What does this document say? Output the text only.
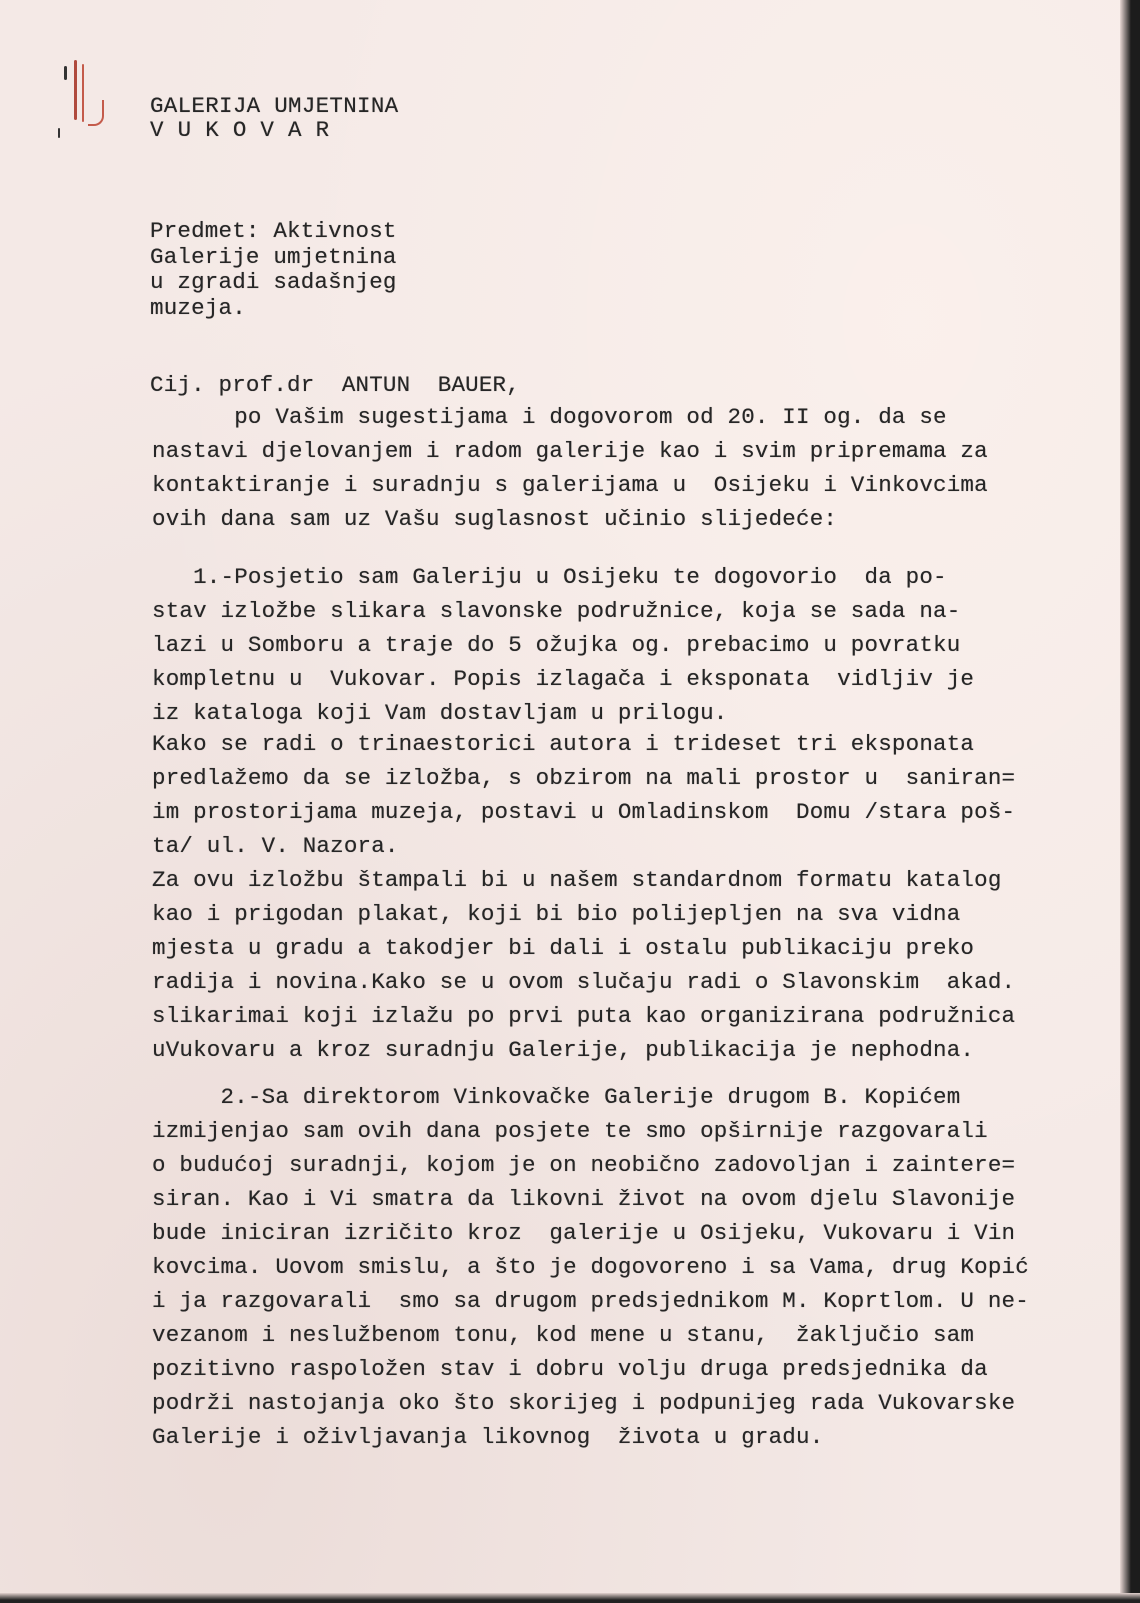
GALERIJA UMJETNINA
V U K O V A R
Predmet: Aktivnost
Galerije umjetnina
u zgradi sadašnjeg
muzeja.
Cij. prof.dr  ANTUN  BAUER,
po Vašim sugestijama i dogovorom od 20. II og. da se
nastavi djelovanjem i radom galerije kao i svim pripremama za
kontaktiranje i suradnju s galerijama u  Osijeku i Vinkovcima
ovih dana sam uz Vašu suglasnost učinio slijedeće:
1.-Posjetio sam Galeriju u Osijeku te dogovorio  da po-
stav izložbe slikara slavonske podružnice, koja se sada na-
lazi u Somboru a traje do 5 ožujka og. prebacimo u povratku
kompletnu u  Vukovar. Popis izlagača i eksponata  vidljiv je
iz kataloga koji Vam dostavljam u prilogu.
Kako se radi o trinaestorici autora i trideset tri eksponata
predlažemo da se izložba, s obzirom na mali prostor u  saniran=
im prostorijama muzeja, postavi u Omladinskom  Domu /stara poš-
ta/ ul. V. Nazora.
Za ovu izložbu štampali bi u našem standardnom formatu katalog
kao i prigodan plakat, koji bi bio polijepljen na sva vidna
mjesta u gradu a takodjer bi dali i ostalu publikaciju preko
radija i novina.Kako se u ovom slučaju radi o Slavonskim  akad.
slikarimai koji izlažu po prvi puta kao organizirana podružnica
uVukovaru a kroz suradnju Galerije, publikacija je nephodna.
2.-Sa direktorom Vinkovačke Galerije drugom B. Kopićem
izmijenjao sam ovih dana posjete te smo opširnije razgovarali
o budućoj suradnji, kojom je on neobično zadovoljan i zaintere=
siran. Kao i Vi smatra da likovni život na ovom djelu Slavonije
bude iniciran izričito kroz  galerije u Osijeku, Vukovaru i Vin
kovcima. Uovom smislu, a što je dogovoreno i sa Vama, drug Kopić
i ja razgovarali  smo sa drugom predsjednikom M. Koprtlom. U ne-
vezanom i neslužbenom tonu, kod mene u stanu,  žaključio sam
pozitivno raspoložen stav i dobru volju druga predsjednika da
podrži nastojanja oko što skorijeg i podpunijeg rada Vukovarske
Galerije i oživljavanja likovnog  života u gradu.
